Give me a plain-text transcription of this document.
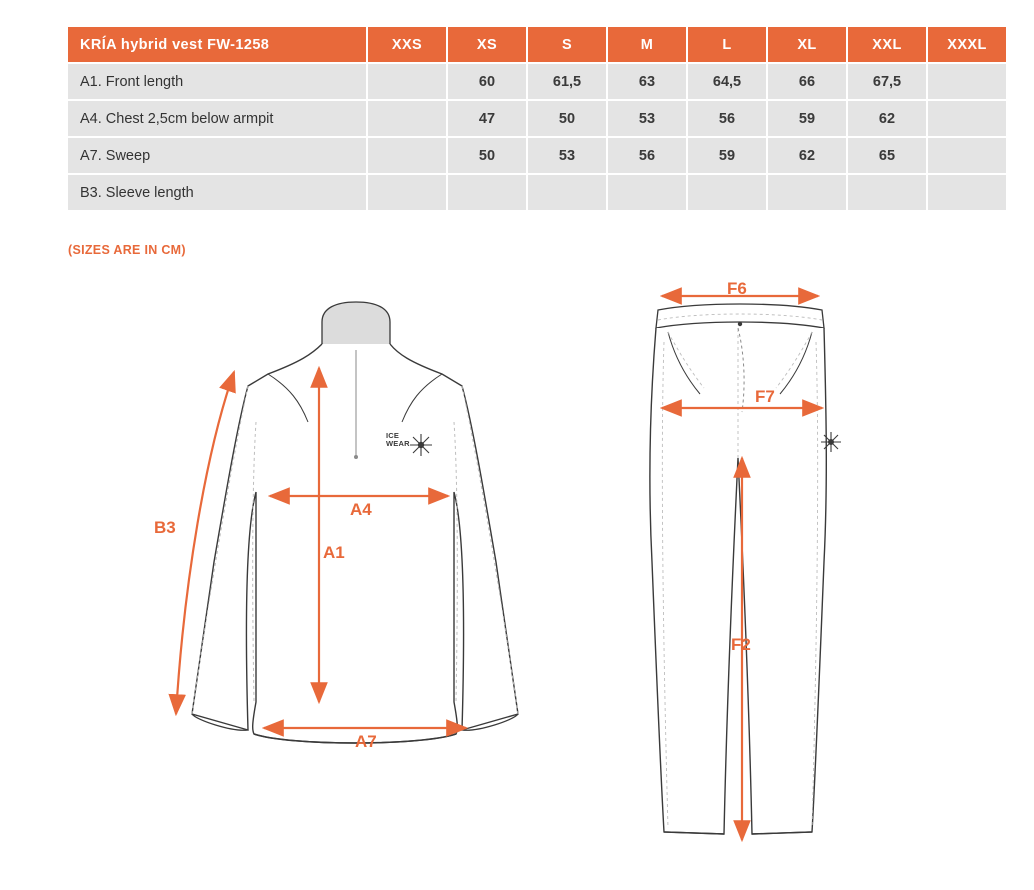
KRÍA hybrid vest FW-1258	XXS	XS	S	M	L	XL	XXL	XXXL
A1. Front length		60	61,5	63	64,5	66	67,5	
A4. Chest 2,5cm below armpit		47	50	53	56	59	62	
A7. Sweep		50	53	56	59	62	65	
B3. Sleeve length								
(SIZES ARE IN CM)
ICE
WEAR
B3
A4
A1
A7
F6
F7
F2
